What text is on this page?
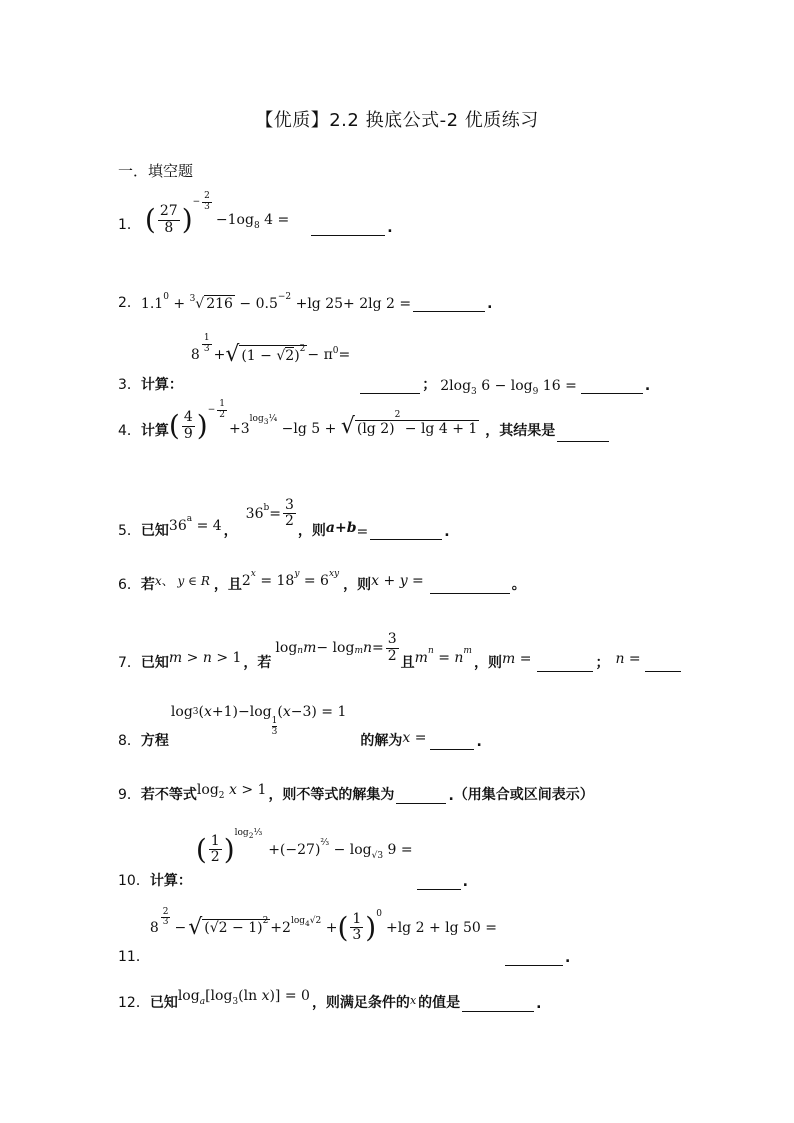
【优质】2.2 换底公式-2 优质练习
一．填空题
1． ( $\frac{27}{8}$ )
− $\frac{2}{3}$
$-1og_8$ 4 =	.
2． $1.1^0 + ^3√$ $216 - 0.5^{-2} +\lg$ 25+ 2lg 2 =	.
3． 计算：
$8 \frac{1}{3}$ + √ $(1 - √2)^2 - \pi^0$ =
； $2\log_3$ $6 - \log_9 16$ =	.
4． 计算 ( $\frac{4}{9}$ ) − $\frac{1}{2}$
$+3^{log_3\frac{1}{4}} -\lg$ 5 + √ (lg 2)$^2$ − lg 4 + 1 ，其结果是
5． 已知 $36^a = 4$ ，
$36^b = \frac{3}{2}$
，则 a+b =	.
6． 若 x、 y ∈ R ，且 $2^x = 18^y = 6^{xy}$
，则 x + y =	。
7． 已知 m > n > 1 ，若
log $_n$ m − log $_m$ $n = \frac{3}{2}$ 且 $m^n = n^m$
，则 m =	； n =
8． 方程
$\log_3$ ( x +1)−log
1
3
( x −3) = 1
的解为 x =	.
9． 若不等式 $\log_2 x > 1$ ，则不等式的解集为	. （用集合或区间表示）
10． 计算：
( $\frac{1}{2}$ ) $\log_2\frac{1}{3}$
$+(-27)^{\frac{2}{3}} - \log_{√3} 9$ =
.
11．
$8 \frac{2}{3}$ − √ $(√2 - 1)^2 +2^{log_4√2}$ + ( $\frac{1}{3} )^0$
+lg 2 + lg 50 =
.
12． 已知 $\log_a[\log_3(\ln$ x)] = 0 ，则满足条件的 x 的值是	.
